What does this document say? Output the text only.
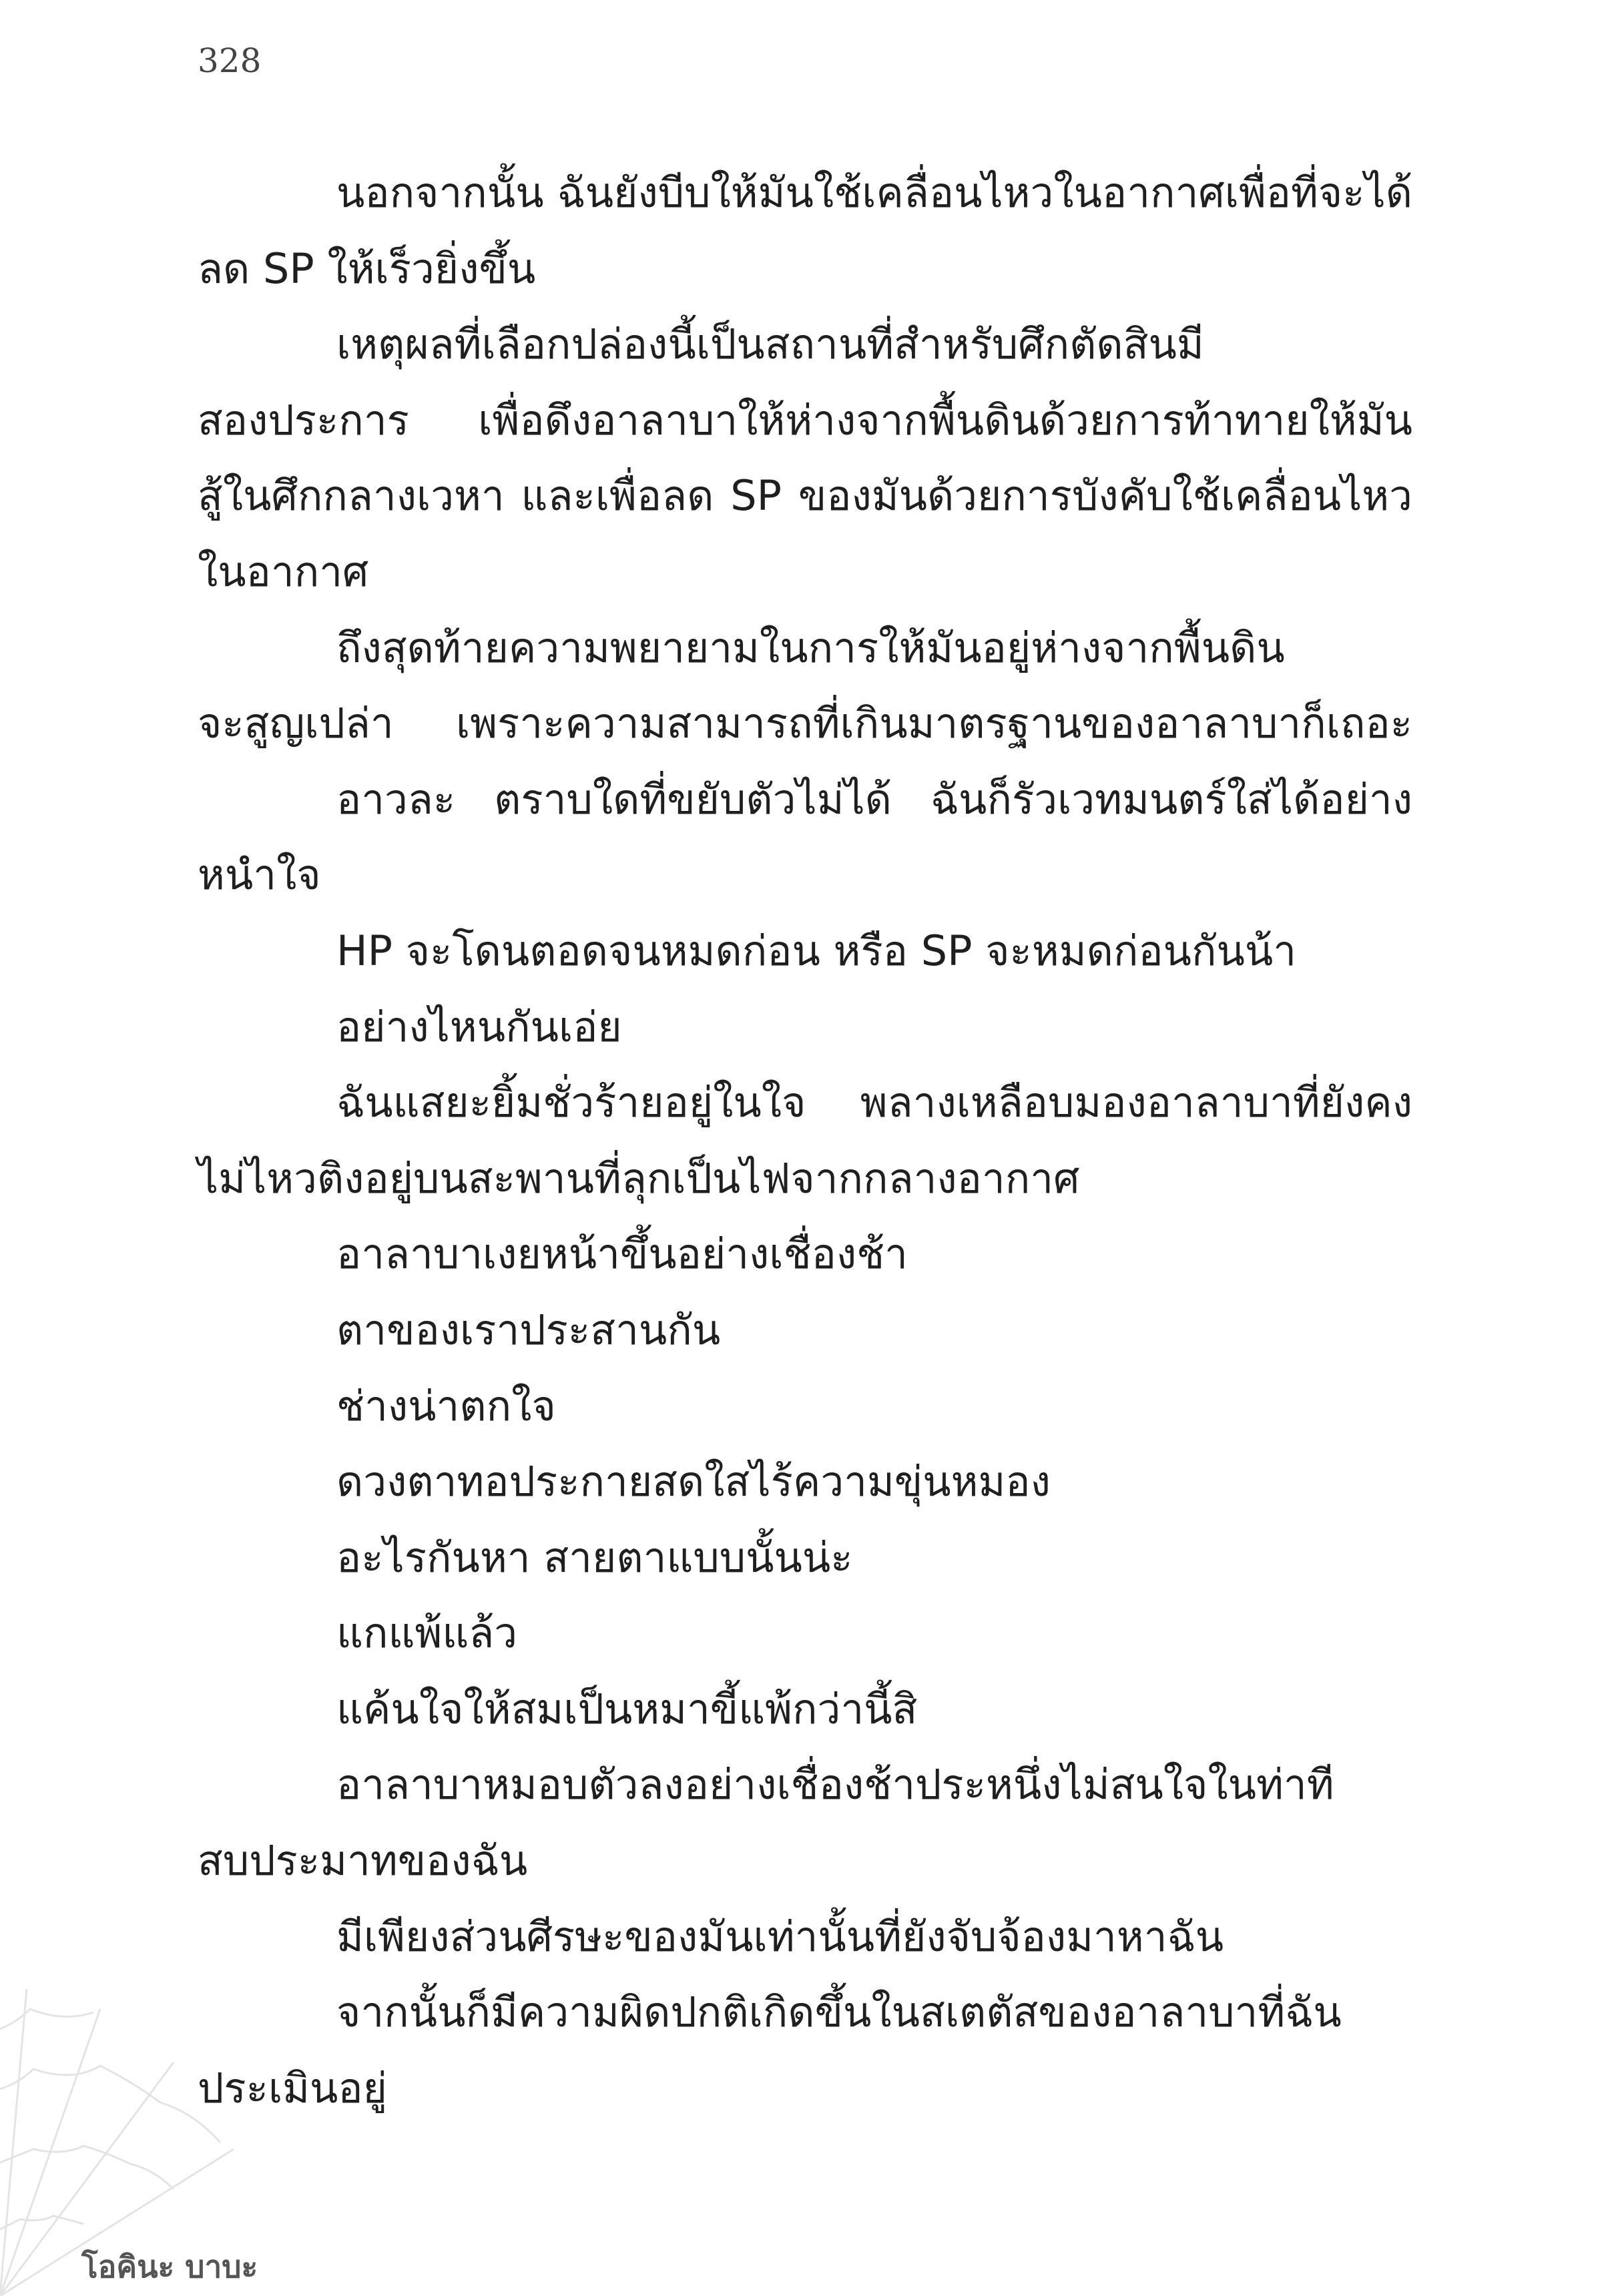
328
นอกจากนั้น ฉันยังบีบให้มันใช้เคลื่อนไหวในอากาศเพื่อที่จะได้
ลด SP ให้เร็วยิ่งขึ้น
เหตุผลที่เลือกปล่องนี้เป็นสถานที่สำหรับศึกตัดสินมี
สองประการ เพื่อดึงอาลาบาให้ห่างจากพื้นดินด้วยการท้าทายให้มัน
สู้ในศึกกลางเวหา และเพื่อลด SP ของมันด้วยการบังคับใช้เคลื่อนไหว
ในอากาศ
ถึงสุดท้ายความพยายามในการให้มันอยู่ห่างจากพื้นดิน
จะสูญเปล่า เพราะความสามารถที่เกินมาตรฐานของอาลาบาก็เถอะ
อาวละ ตราบใดที่ขยับตัวไม่ได้ ฉันก็รัวเวทมนตร์ใส่ได้อย่าง
หนำใจ
HP จะโดนตอดจนหมดก่อน หรือ SP จะหมดก่อนกันน้า
อย่างไหนกันเอ่ย
ฉันแสยะยิ้มชั่วร้ายอยู่ในใจ พลางเหลือบมองอาลาบาที่ยังคง
ไม่ไหวติงอยู่บนสะพานที่ลุกเป็นไฟจากกลางอากาศ
อาลาบาเงยหน้าขึ้นอย่างเชื่องช้า
ตาของเราประสานกัน
ช่างน่าตกใจ
ดวงตาทอประกายสดใสไร้ความขุ่นหมอง
อะไรกันหา สายตาแบบนั้นน่ะ
แกแพ้แล้ว
แค้นใจให้สมเป็นหมาขี้แพ้กว่านี้สิ
อาลาบาหมอบตัวลงอย่างเชื่องช้าประหนึ่งไม่สนใจในท่าที
สบประมาทของฉัน
มีเพียงส่วนศีรษะของมันเท่านั้นที่ยังจับจ้องมาหาฉัน
จากนั้นก็มีความผิดปกติเกิดขึ้นในสเตตัสของอาลาบาที่ฉัน
ประเมินอยู่
โอคินะ บาบะ
